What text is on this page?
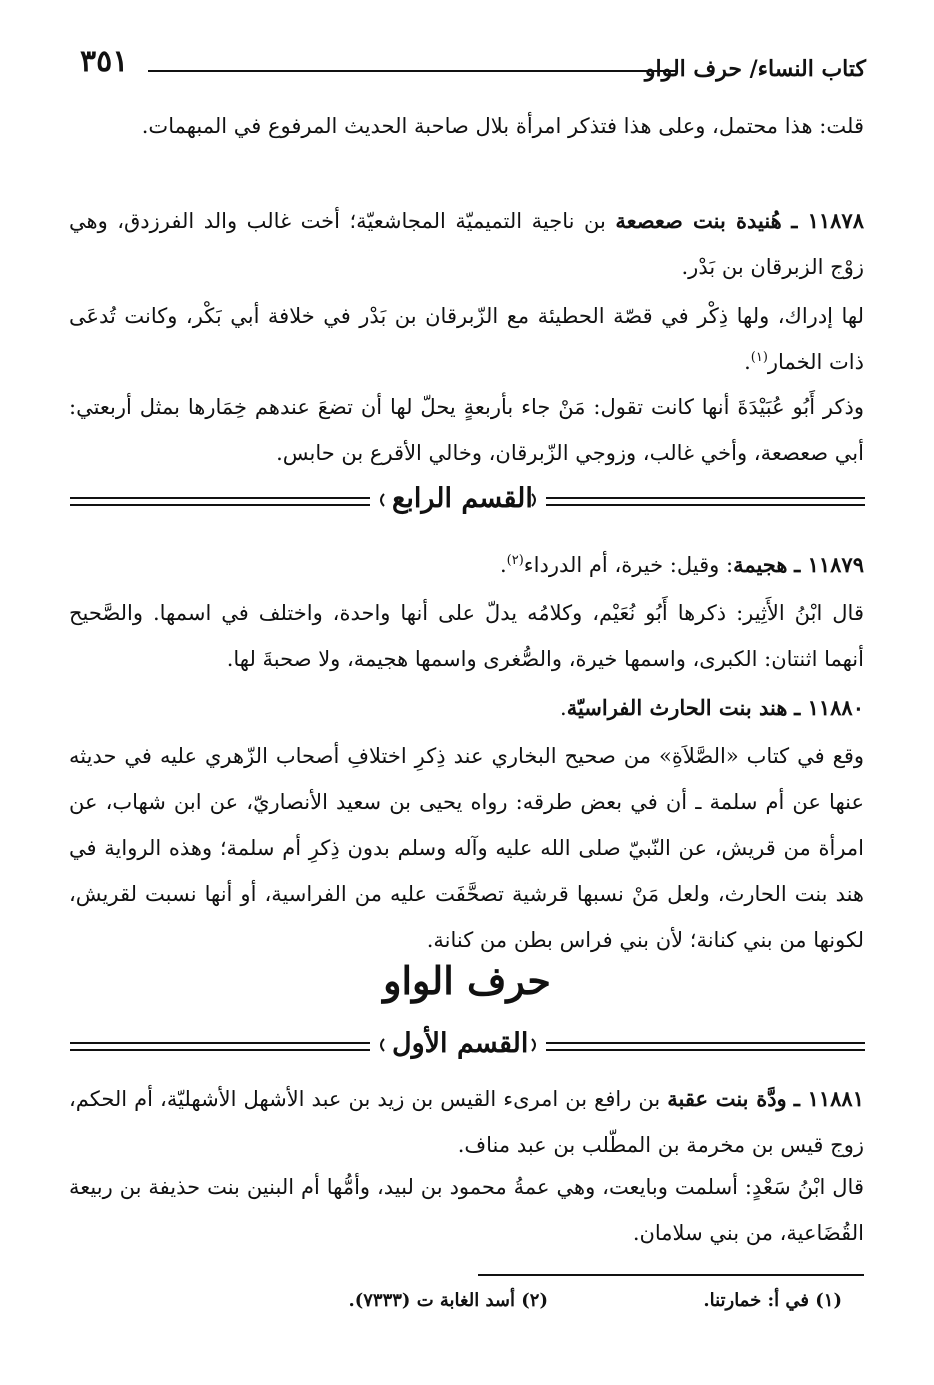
كتاب النساء/ حرف الواو
٣٥١
قلت: هذا محتمل، وعلى هذا فتذكر امرأة بلال صاحبة الحديث المرفوع في المبهمات.
١١٨٧٨ ـ هُنيدة بنت صعصعة بن ناجية التميميّة المجاشعيّة؛ أخت غالب والد الفرزدق، وهي زوْج الزبرقان بن بَدْر.
لها إدراك، ولها ذِكْر في قصّة الحطيئة مع الزّبرقان بن بَدْر في خلافة أبي بَكْر، وكانت تُدعَى ذات الخمار$^{(١)}$.
وذكر أَبُو عُبَيْدَةَ أنها كانت تقول: مَنْ جاء بأربعةٍ يحلّ لها أن تضعَ عندهم خِمَارها بمثل أربعتي: أبي صعصعة، وأخي غالب، وزوجي الزّبرقان، وخالي الأقرع بن حابس.
القسم الرابع
١١٨٧٩ ـ هجيمة: وقيل: خيرة، أم الدرداء$^{(٢)}$.
قال ابْنُ الأَثِير: ذكرها أَبُو نُعَيْم، وكلامُه يدلّ على أنها واحدة، واختلف في اسمها. والصَّحيح أنهما اثنتان: الكبرى، واسمها خيرة، والصُّغرى واسمها هجيمة، ولا صحبةَ لها.
١١٨٨٠ ـ هند بنت الحارث الفراسيّة.
وقع في كتاب «الصَّلاَةِ» من صحيح البخاري عند ذِكرِ اختلافِ أصحاب الزّهري عليه في حديثه عنها عن أم سلمة ـ أن في بعض طرقه: رواه يحيى بن سعيد الأنصاريّ، عن ابن شهاب، عن امرأة من قريش، عن النّبيّ صلى الله عليه وآله وسلم بدون ذِكرِ أم سلمة؛ وهذه الرواية في هند بنت الحارث، ولعل مَنْ نسبها قرشية تصحَّفَت عليه من الفراسية، أو أنها نسبت لقريش، لكونها من بني كنانة؛ لأن بني فراس بطن من كنانة.
حرف الواو
القسم الأول
١١٨٨١ ـ ودَّة بنت عقبة بن رافع بن امرىء القيس بن زيد بن عبد الأشهل الأشهليّة، أم الحكم، زوج قيس بن مخرمة بن المطّلب بن عبد مناف.
قال ابْنُ سَعْدٍ: أسلمت وبايعت، وهي عمةُ محمود بن لبيد، وأمُّها أم البنين بنت حذيفة بن ربيعة القُضَاعية، من بني سلامان.
(١) في أ: خمارتنا.
(٢) أسد الغابة ت (٧٣٣٣).
